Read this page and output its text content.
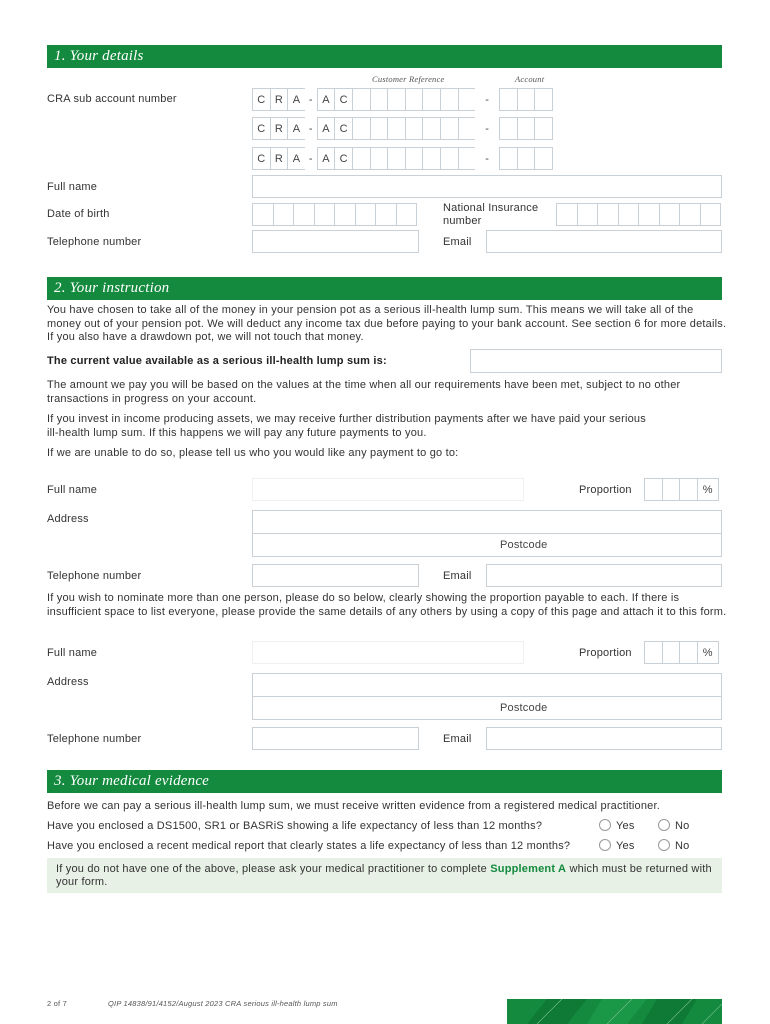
1. Your details
Customer Reference	Account
CRA sub account number	C R A - A C	-
C R A - A C	-
C R A - A C	-
Full name
Date of birth	National Insurance
number
Telephone number	Email
2. Your instruction
You have chosen to take all of the money in your pension pot as a serious ill-health lump sum. This means we will take all of the money out of your pension pot. We will deduct any income tax due before paying to your bank account. See section 6 for more details. If you also have a drawdown pot, we will not touch that money.
The current value available as a serious ill-health lump sum is:
The amount we pay you will be based on the values at the time when all our requirements have been met, subject to no other transactions in progress on your account.
If you invest in income producing assets, we may receive further distribution payments after we have paid your serious
ill-health lump sum. If this happens we will pay any future payments to you.
If we are unable to do so, please tell us who you would like any payment to go to:
Full name	Proportion	%
Address
Postcode
Telephone number	Email
If you wish to nominate more than one person, please do so below, clearly showing the proportion payable to each. If there is insufficient space to list everyone, please provide the same details of any others by using a copy of this page and attach it to this form.
Full name	Proportion	%
Address
Postcode
Telephone number	Email
3. Your medical evidence
Before we can pay a serious ill-health lump sum, we must receive written evidence from a registered medical practitioner.
Have you enclosed a DS1500, SR1 or BASRiS showing a life expectancy of less than 12 months?	Yes	No
Have you enclosed a recent medical report that clearly states a life expectancy of less than 12 months?	Yes	No
If you do not have one of the above, please ask your medical practitioner to complete Supplement A which must be returned with your form.
2 of 7	QIP 14838/91/4152/August 2023 CRA serious ill-health lump sum
